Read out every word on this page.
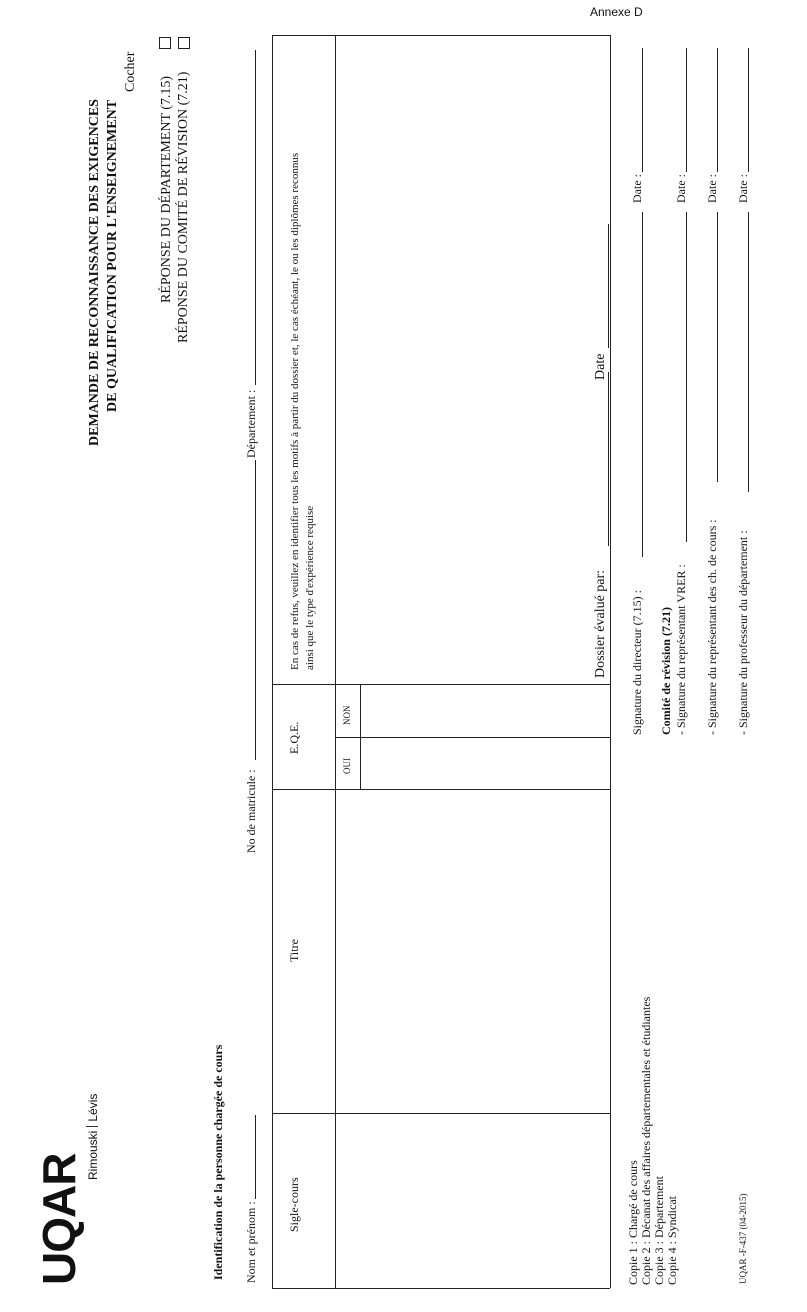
Annexe D
UQAR RimouskiLévis
DEMANDE DE RECONNAISSANCE DES EXIGENCES DE QUALIFICATION POUR L'ENSEIGNEMENT
Cocher
RÉPONSE DU DÉPARTEMENT (7.15) RÉPONSE DU COMITÉ DE RÉVISION (7.21)
Identification de la personne chargée de cours Nom et prénom :
No de matricule :
Département :
Sigle-cours
Titre
E.Q.E.
OUI
NON
En cas de refus, veuillez en identifier tous les motifs à partir du dossier et, le cas échéant, le ou les diplômes reconnus ainsi que le type d'expérience requise	Dossier évalué par:
Date
Signature du directeur (7.15) :
Date :
Comité de révision (7.21) - Signature du représentant VRER :
Date :
- Signature du représentant des ch. de cours :
Date :
- Signature du professeur du département :
Date :
Copie 1 : Chargé de cours Copie 2 : Décanat des affaires départementales et étudiantes Copie 3 : Département Copie 4 : Syndicat	UQAR -F-437 (04-2015)
